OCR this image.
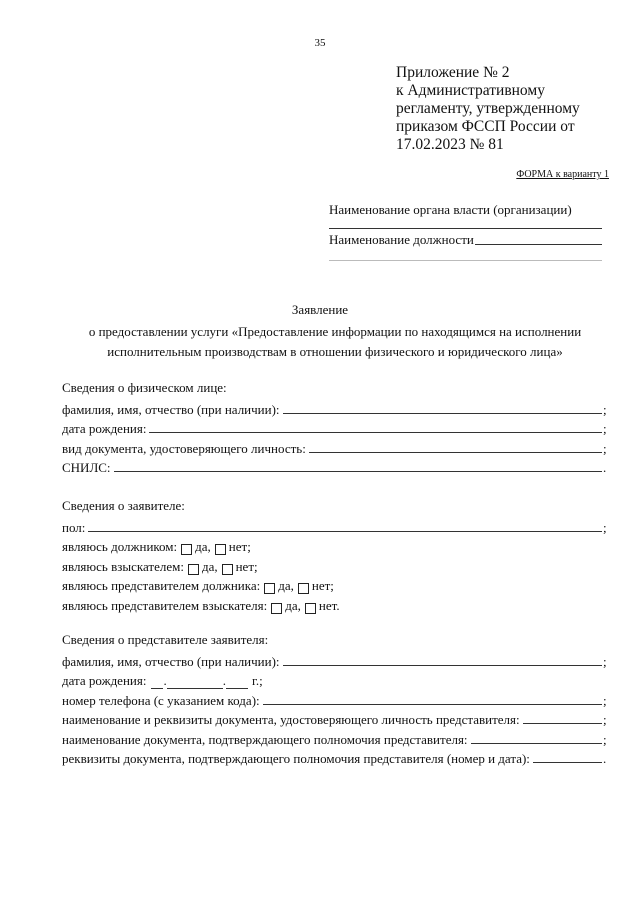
35
Приложение № 2
к Административному
регламенту, утвержденному
приказом ФССП России от
17.02.2023 № 81
ФОРМА к варианту 1
Наименование органа власти (организации)
Наименование должности
Заявление
о предоставлении услуги «Предоставление информации по находящимся на исполнении исполнительным производствам в отношении физического и юридического лица»
Сведения о физическом лице:
фамилия, имя, отчество (при наличии):	;
дата рождения:	;
вид документа, удостоверяющего личность:	;
СНИЛС:	.
Сведения о заявителе:
пол:	;
являюсь должником: да, нет;
являюсь взыскателем: да, нет;
являюсь представителем должника: да, нет;
являюсь представителем взыскателя: да, нет.
Сведения о представителе заявителя:
фамилия, имя, отчество (при наличии):	;
дата рождения: .	. г.;
номер телефона (с указанием кода):	;
наименование и реквизиты документа, удостоверяющего личность представителя:	;
наименование документа, подтверждающего полномочия представителя:	;
реквизиты документа, подтверждающего полномочия представителя (номер и дата):	.
